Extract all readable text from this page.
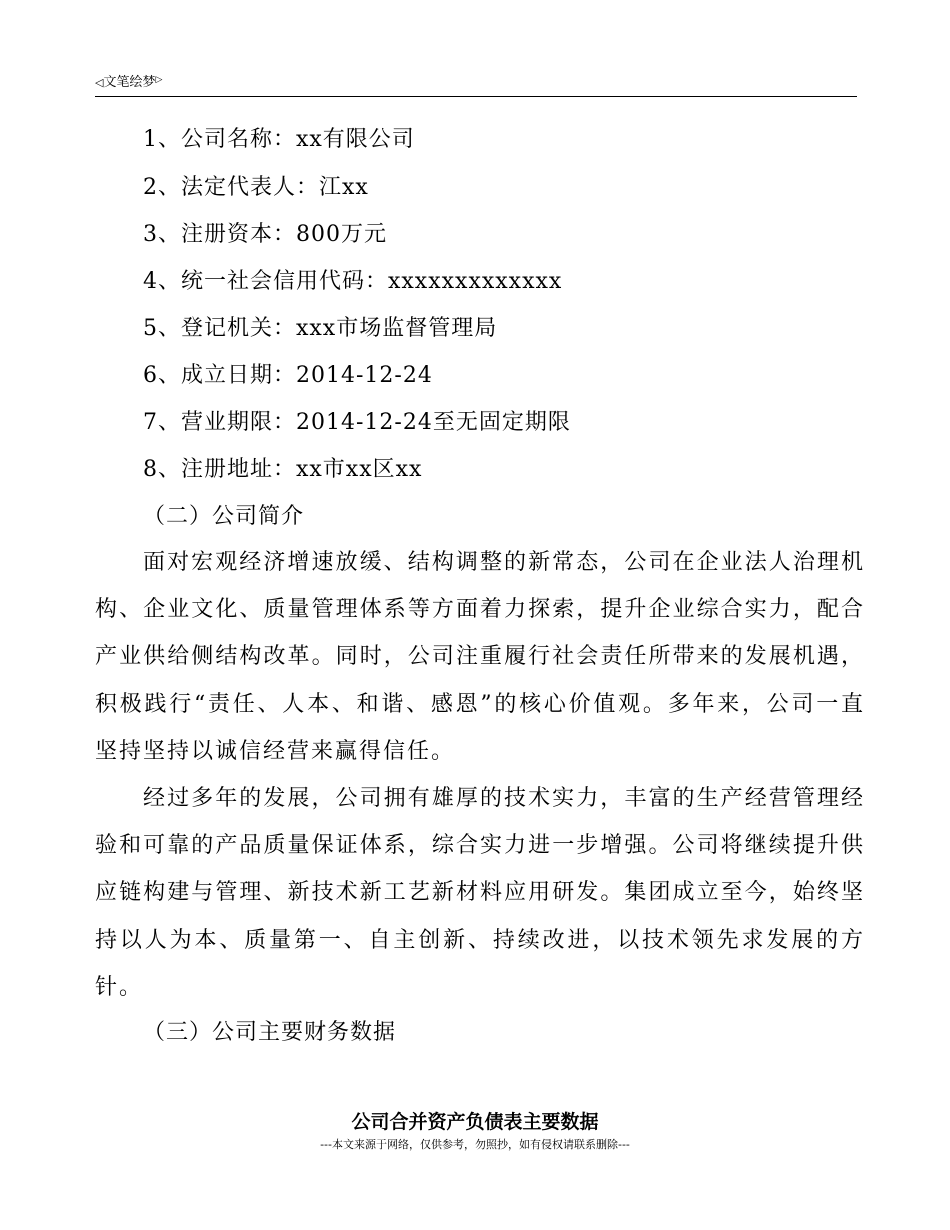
◁文笔绘梦▷
1、公司名称：xx有限公司
2、法定代表人：江xx
3、注册资本：800万元
4、统一社会信用代码：xxxxxxxxxxxxx
5、登记机关：xxx市场监督管理局
6、成立日期：2014-12-24
7、营业期限：2014-12-24至无固定期限
8、注册地址：xx市xx区xx
（二）公司简介
面对宏观经济增速放缓、结构调整的新常态，公司在企业法人治理机构、企业文化、质量管理体系等方面着力探索，提升企业综合实力，配合产业供给侧结构改革。同时，公司注重履行社会责任所带来的发展机遇，积极践行“责任、人本、和谐、感恩”的核心价值观。多年来，公司一直坚持坚持以诚信经营来赢得信任。
经过多年的发展，公司拥有雄厚的技术实力，丰富的生产经营管理经验和可靠的产品质量保证体系，综合实力进一步增强。公司将继续提升供应链构建与管理、新技术新工艺新材料应用研发。集团成立至今，始终坚持以人为本、质量第一、自主创新、持续改进，以技术领先求发展的方针。
（三）公司主要财务数据
公司合并资产负债表主要数据
---本文来源于网络，仅供参考，勿照抄，如有侵权请联系删除---
